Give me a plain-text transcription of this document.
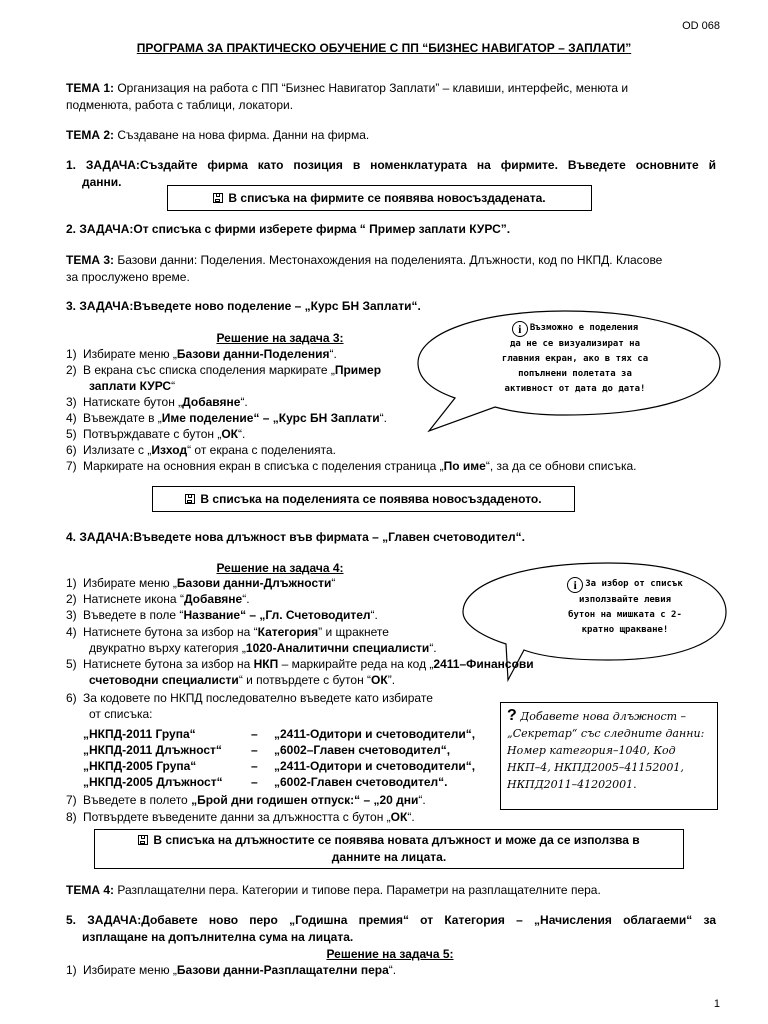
OD 068
ПРОГРАМА ЗА ПРАКТИЧЕСКО ОБУЧЕНИЕ С ПП “БИЗНЕС НАВИГАТОР – ЗАПЛАТИ”
ТЕМА 1: Организация на работа с ПП “Бизнес Навигатор Заплати” – клавиши, интерфейс, менюта и
подменюта, работа с таблици, локатори.
ТЕМА 2: Създаване на нова фирма. Данни на фирма.
1. ЗАДАЧА:Създайте фирма като позиция в номенклатурата на фирмите. Въведете основните й
данни.
В списъка на фирмите се появява новосъздадената.
2. ЗАДАЧА:От списъка с фирми изберете фирма “ Пример заплати КУРС”.
ТЕМА 3: Базови данни: Поделения. Местонахождения на поделенията. Длъжности, код по НКПД. Класове
за прослужено време.
3. ЗАДАЧА:Въведете ново поделение – „Курс БН Заплати“.
i Възможно е поделения
да не се визуализират на
главния екран, ако в тях са
попълнени полетата за
активност от дата до дата!
Решение на задача 3:
1) Избирате меню „Базови данни-Поделения“.
2) В екрана със списка споделения маркирате „Пример
заплати КУРС“
3) Натискате бутон „Добавяне“.
4) Въвеждате в „Име поделение“ – „Курс БН Заплати“.
5) Потвърждавате с бутон „ОК“.
6) Излизате с „Изход“ от екрана с поделенията.
7) Маркирате на основния екран в списъка с поделения страница „По име“, за да се обнови списъка.
В списъка на поделенията се появява новосъздаденото.
4. ЗАДАЧА:Въведете нова длъжност във фирмата – „Главен счетоводител“.
i За избор от списък
използвайте левия
бутон на мишката с 2-
кратно щракване!
Решение на задача 4:
1) Избирате меню „Базови данни-Длъжности“
2) Натиснете икона “Добавяне“.
3) Въведете в поле “Название“ – „Гл. Счетоводител“.
4) Натиснете бутона за избор на “Категория” и щракнете
двукратно върху категория „1020-Аналитични специалисти“.
5) Натиснете бутона за избор на НКП – маркирайте реда на код „2411–Финансови
счетоводни специалисти“ и потвърдете с бутон “ОК”.
6) За кодовете по НКПД последователно въведете като избирате
от списъка:
„НКПД-2011 Група“	– „2411-Одитори и счетоводители“,
„НКПД-2011 Длъжност“ – „6002–Главен счетоводител“,
„НКПД-2005 Група“	– „2411-Одитори и счетоводители“,
„НКПД-2005 Длъжност“ – „6002-Главен счетоводител“.
7) Въведете в полето „Брой дни годишен отпуск:“ – „20 дни“.
8) Потвърдете въведените данни за длъжността с бутон „ОК“.
? Добавете нова длъжност –
„Секретар“ със следните данни:
Номер категория–1040, Код
НКП–4, НКПД2005–41152001,
НКПД2011–41202001.
В списъка на длъжностите се появява новата длъжност и може да се използва в
данните на лицата.
ТЕМА 4: Разплащателни пера. Категории и типове пера. Параметри на разплащателните пера.
5. ЗАДАЧА:Добавете ново перо „Годишна премия“ от Категория – „Начисления облагаеми“ за
изплащане на допълнителна сума на лицата.
Решение на задача 5:
1) Избирате меню „Базови данни-Разплащателни пера“.
1
